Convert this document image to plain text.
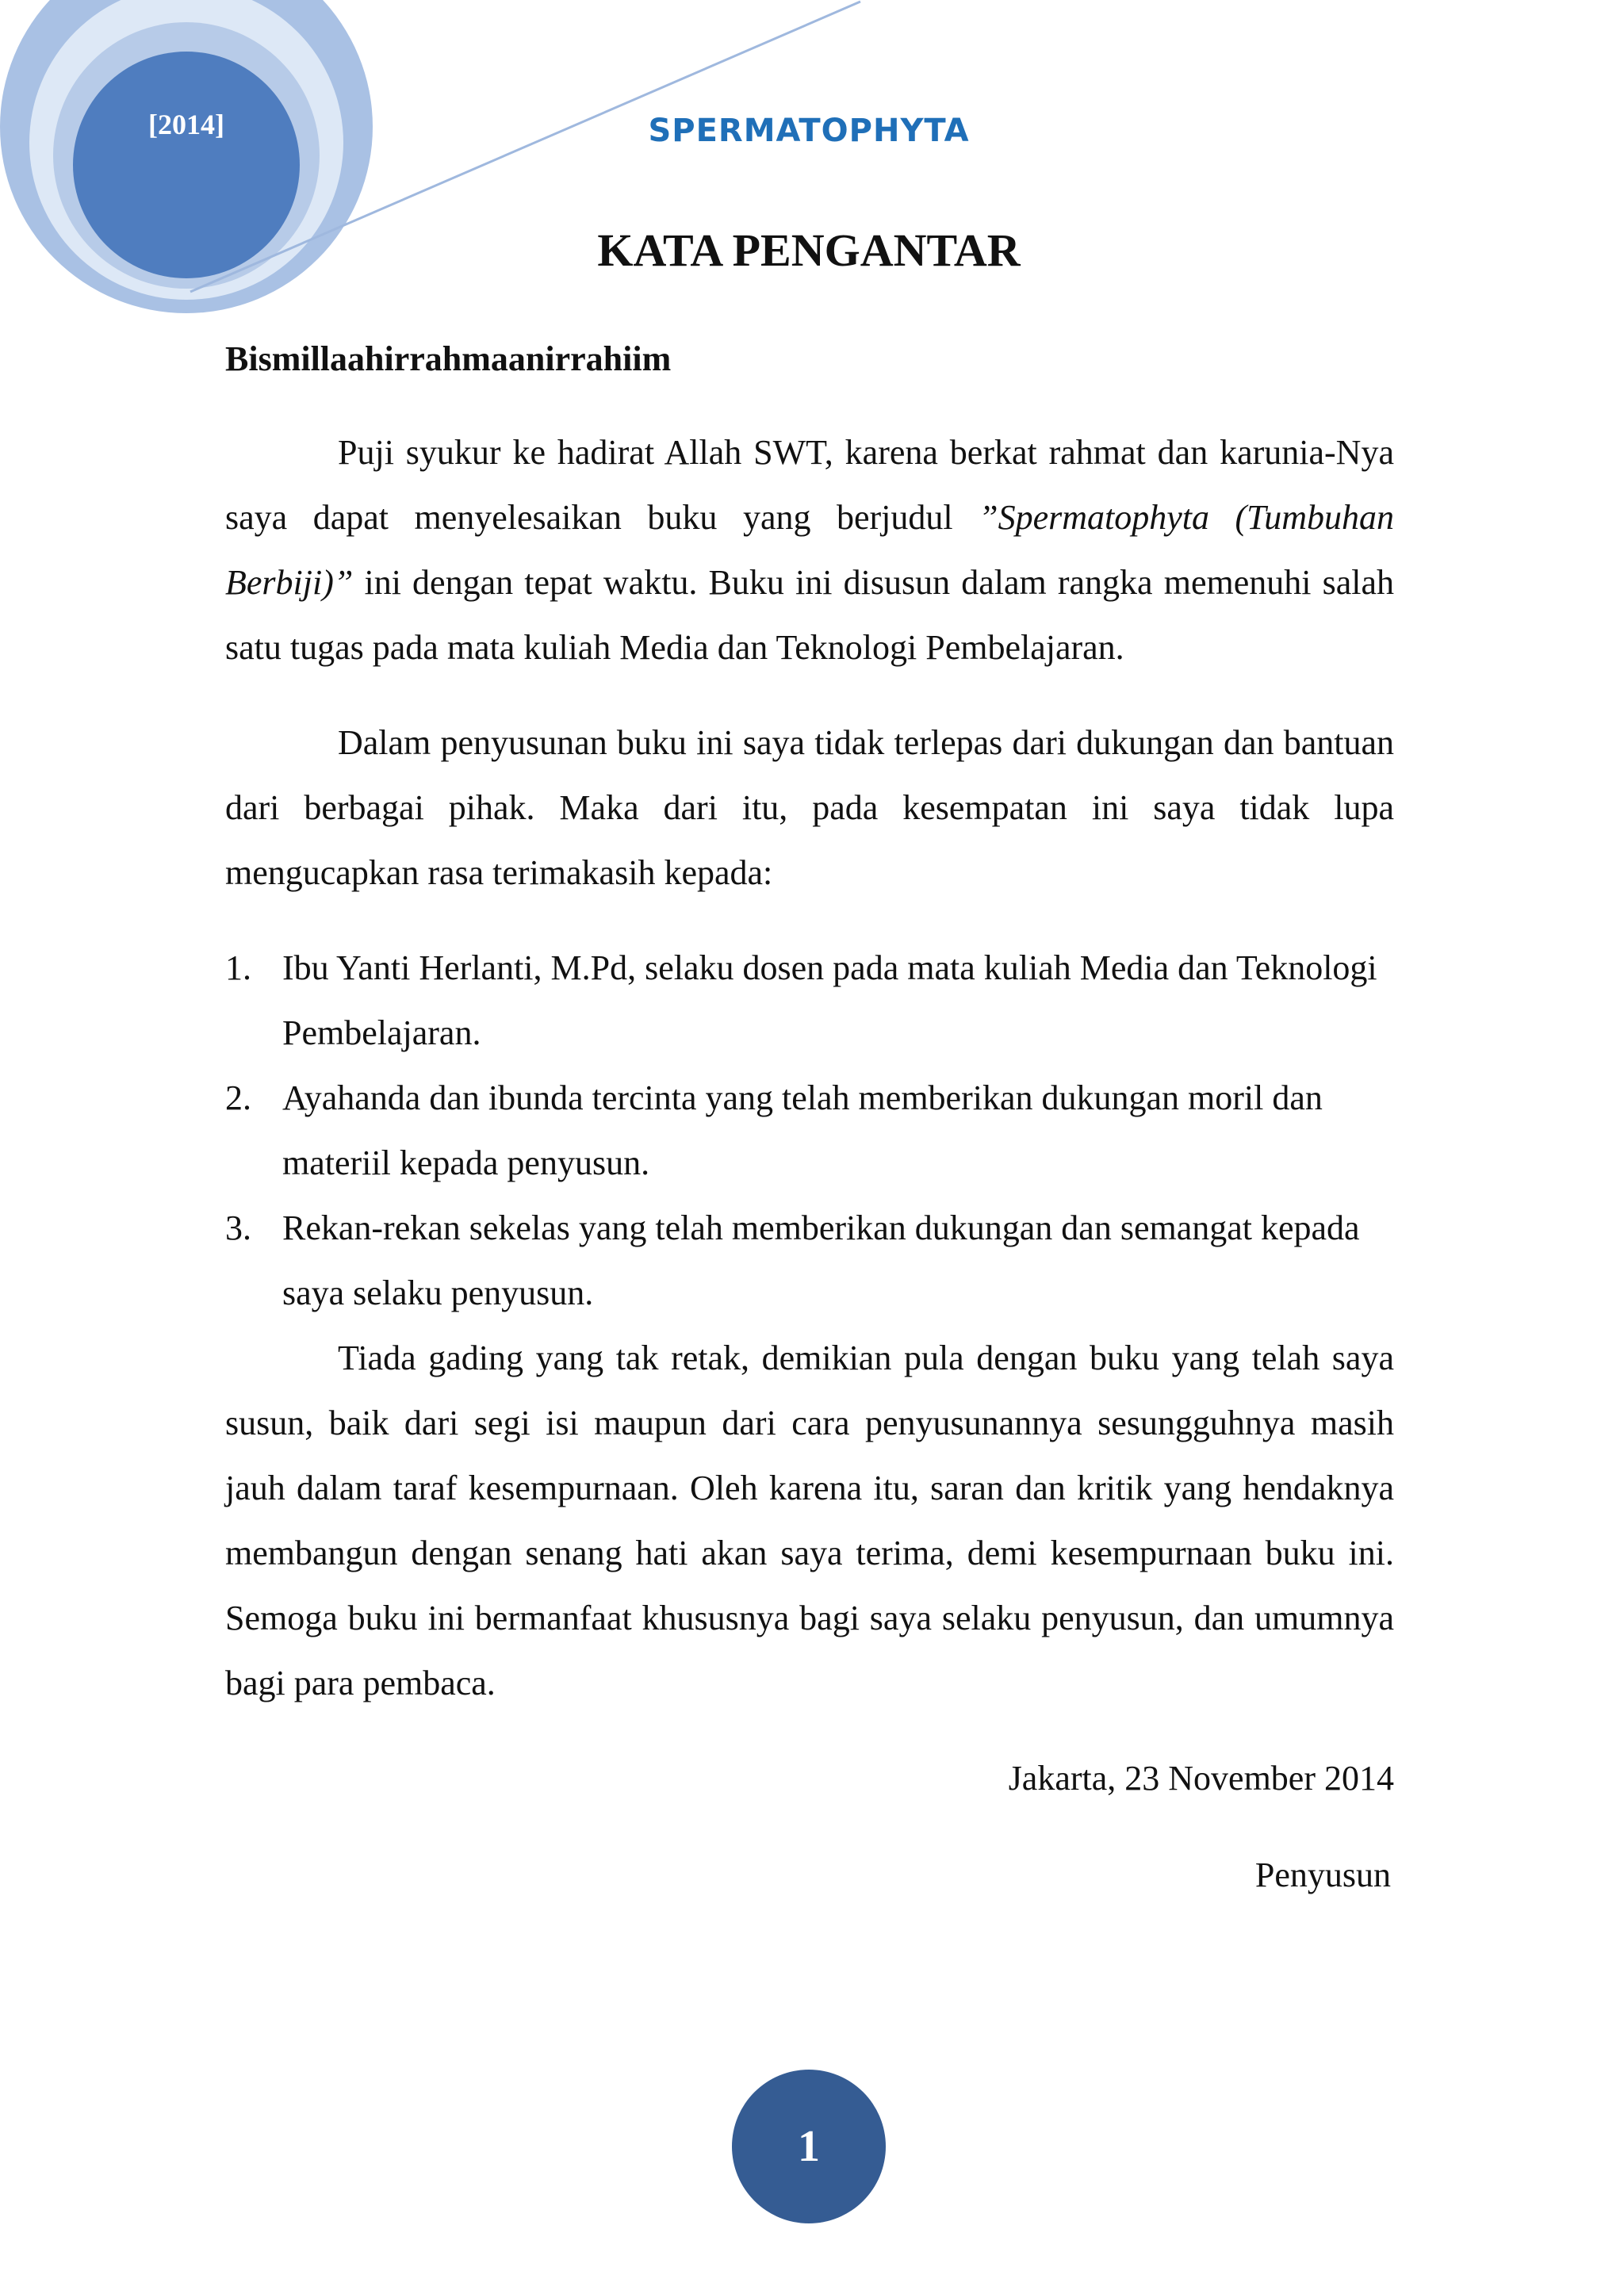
[2014]	SPERMATOPHYTA
KATA PENGANTAR

Bismillaahirrahmaanirrahiim

Puji syukur ke hadirat Allah SWT, karena berkat rahmat dan karunia-Nya saya dapat menyelesaikan buku yang berjudul ”Spermatophyta (Tumbuhan Berbiji)” ini dengan tepat waktu. Buku ini disusun dalam rangka memenuhi salah satu tugas pada mata kuliah Media dan Teknologi Pembelajaran.

Dalam penyusunan buku ini saya tidak terlepas dari dukungan dan bantuan dari berbagai pihak. Maka dari itu, pada kesempatan ini saya tidak lupa mengucapkan rasa terimakasih kepada:

1. Ibu Yanti Herlanti, M.Pd, selaku dosen pada mata kuliah Media dan Teknologi Pembelajaran.
2. Ayahanda dan ibunda tercinta yang telah memberikan dukungan moril dan materiil kepada penyusun.
3. Rekan-rekan sekelas yang telah memberikan dukungan dan semangat kepada saya selaku penyusun.

Tiada gading yang tak retak, demikian pula dengan buku yang telah saya susun, baik dari segi isi maupun dari cara penyusunannya sesungguhnya masih jauh dalam taraf kesempurnaan. Oleh karena itu, saran dan kritik yang hendaknya membangun dengan senang hati akan saya terima, demi kesempurnaan buku ini. Semoga buku ini bermanfaat khususnya bagi saya selaku penyusun, dan umumnya bagi para pembaca.

Jakarta, 23 November 2014

Penyusun

1
